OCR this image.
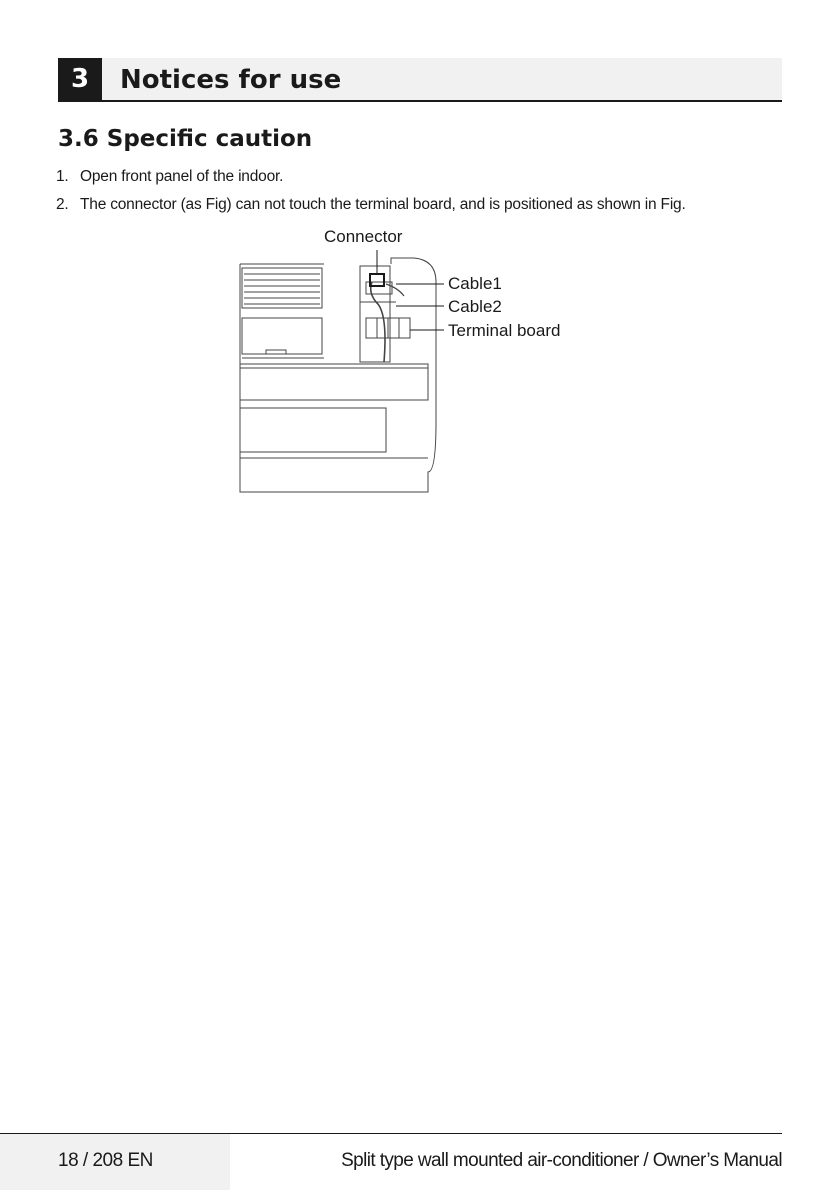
3	Notices for use
3.6 Specific caution
1. Open front panel of the indoor.
2. The connector (as Fig) can not touch the terminal board, and is positioned as shown in Fig.
Connector
Cable1
Cable2
Terminal board
18 / 208 EN	Split type wall mounted air-conditioner / Owner’s Manual
